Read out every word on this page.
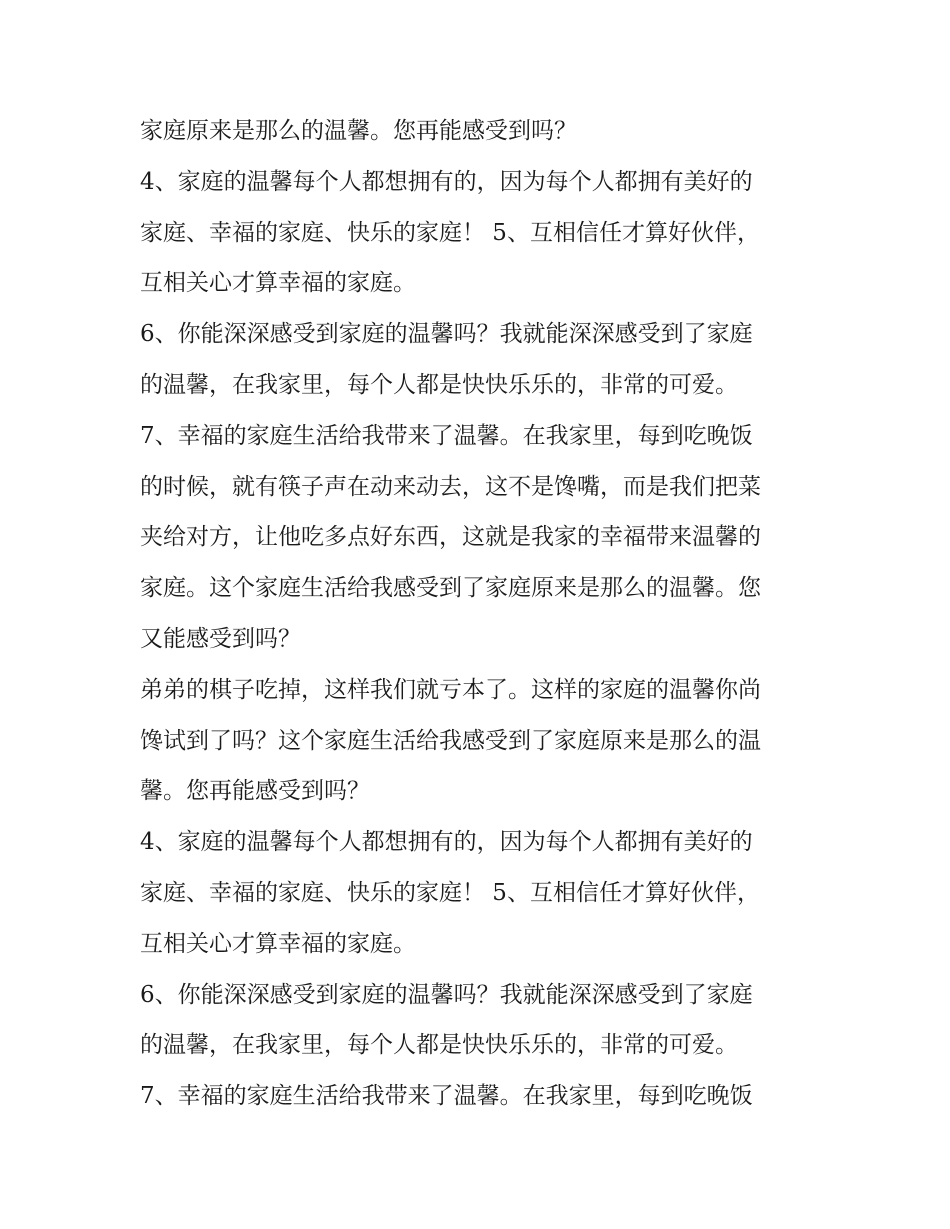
家庭原来是那么的温馨。您再能感受到吗？
4、家庭的温馨每个人都想拥有的，因为每个人都拥有美好的
家庭、幸福的家庭、快乐的家庭！ 5、互相信任才算好伙伴，
互相关心才算幸福的家庭。
6、你能深深感受到家庭的温馨吗？我就能深深感受到了家庭
的温馨，在我家里，每个人都是快快乐乐的，非常的可爱。
7、幸福的家庭生活给我带来了温馨。在我家里，每到吃晚饭
的时候，就有筷子声在动来动去，这不是馋嘴，而是我们把菜
夹给对方，让他吃多点好东西，这就是我家的幸福带来温馨的
家庭。这个家庭生活给我感受到了家庭原来是那么的温馨。您
又能感受到吗？
弟弟的棋子吃掉，这样我们就亏本了。这样的家庭的温馨你尚
馋试到了吗？这个家庭生活给我感受到了家庭原来是那么的温
馨。您再能感受到吗？
4、家庭的温馨每个人都想拥有的，因为每个人都拥有美好的
家庭、幸福的家庭、快乐的家庭！ 5、互相信任才算好伙伴，
互相关心才算幸福的家庭。
6、你能深深感受到家庭的温馨吗？我就能深深感受到了家庭
的温馨，在我家里，每个人都是快快乐乐的，非常的可爱。
7、幸福的家庭生活给我带来了温馨。在我家里，每到吃晚饭
